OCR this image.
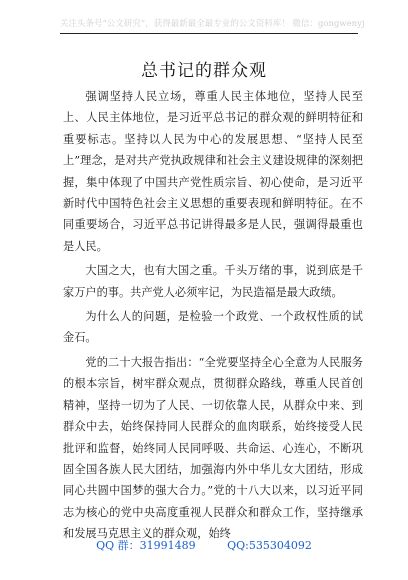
关注头条号“公文研究”，获得最新最全最专业的公文资料库！ 微信：gongwenyj
总书记的群众观

强调坚持人民立场，尊重人民主体地位，坚持人民至上、人民主体地位，是习近平总书记的群众观的鲜明特征和重要标志。坚持以人民为中心的发展思想、“坚持人民至上”理念，是对共产党执政规律和社会主义建设规律的深刻把握，集中体现了中国共产党性质宗旨、初心使命，是习近平新时代中国特色社会主义思想的重要表现和鲜明特征。在不同重要场合，习近平总书记讲得最多是人民，强调得最重也是人民。

大国之大，也有大国之重。千头万绪的事，说到底是千家万户的事。共产党人必须牢记，为民造福是最大政绩。

为什么人的问题，是检验一个政党、一个政权性质的试金石。

党的二十大报告指出：“全党要坚持全心全意为人民服务的根本宗旨，树牢群众观点，贯彻群众路线，尊重人民首创精神，坚持一切为了人民、一切依靠人民，从群众中来、到群众中去，始终保持同人民群众的血肉联系，始终接受人民批评和监督，始终同人民同呼吸、共命运、心连心，不断巩固全国各族人民大团结，加强海内外中华儿女大团结，形成同心共圆中国梦的强大合力。”党的十八大以来，以习近平同志为核心的党中央高度重视人民群众和群众工作，坚持继承和发展马克思主义的群众观，始终

QQ 群：31991489	QQ:535304092
